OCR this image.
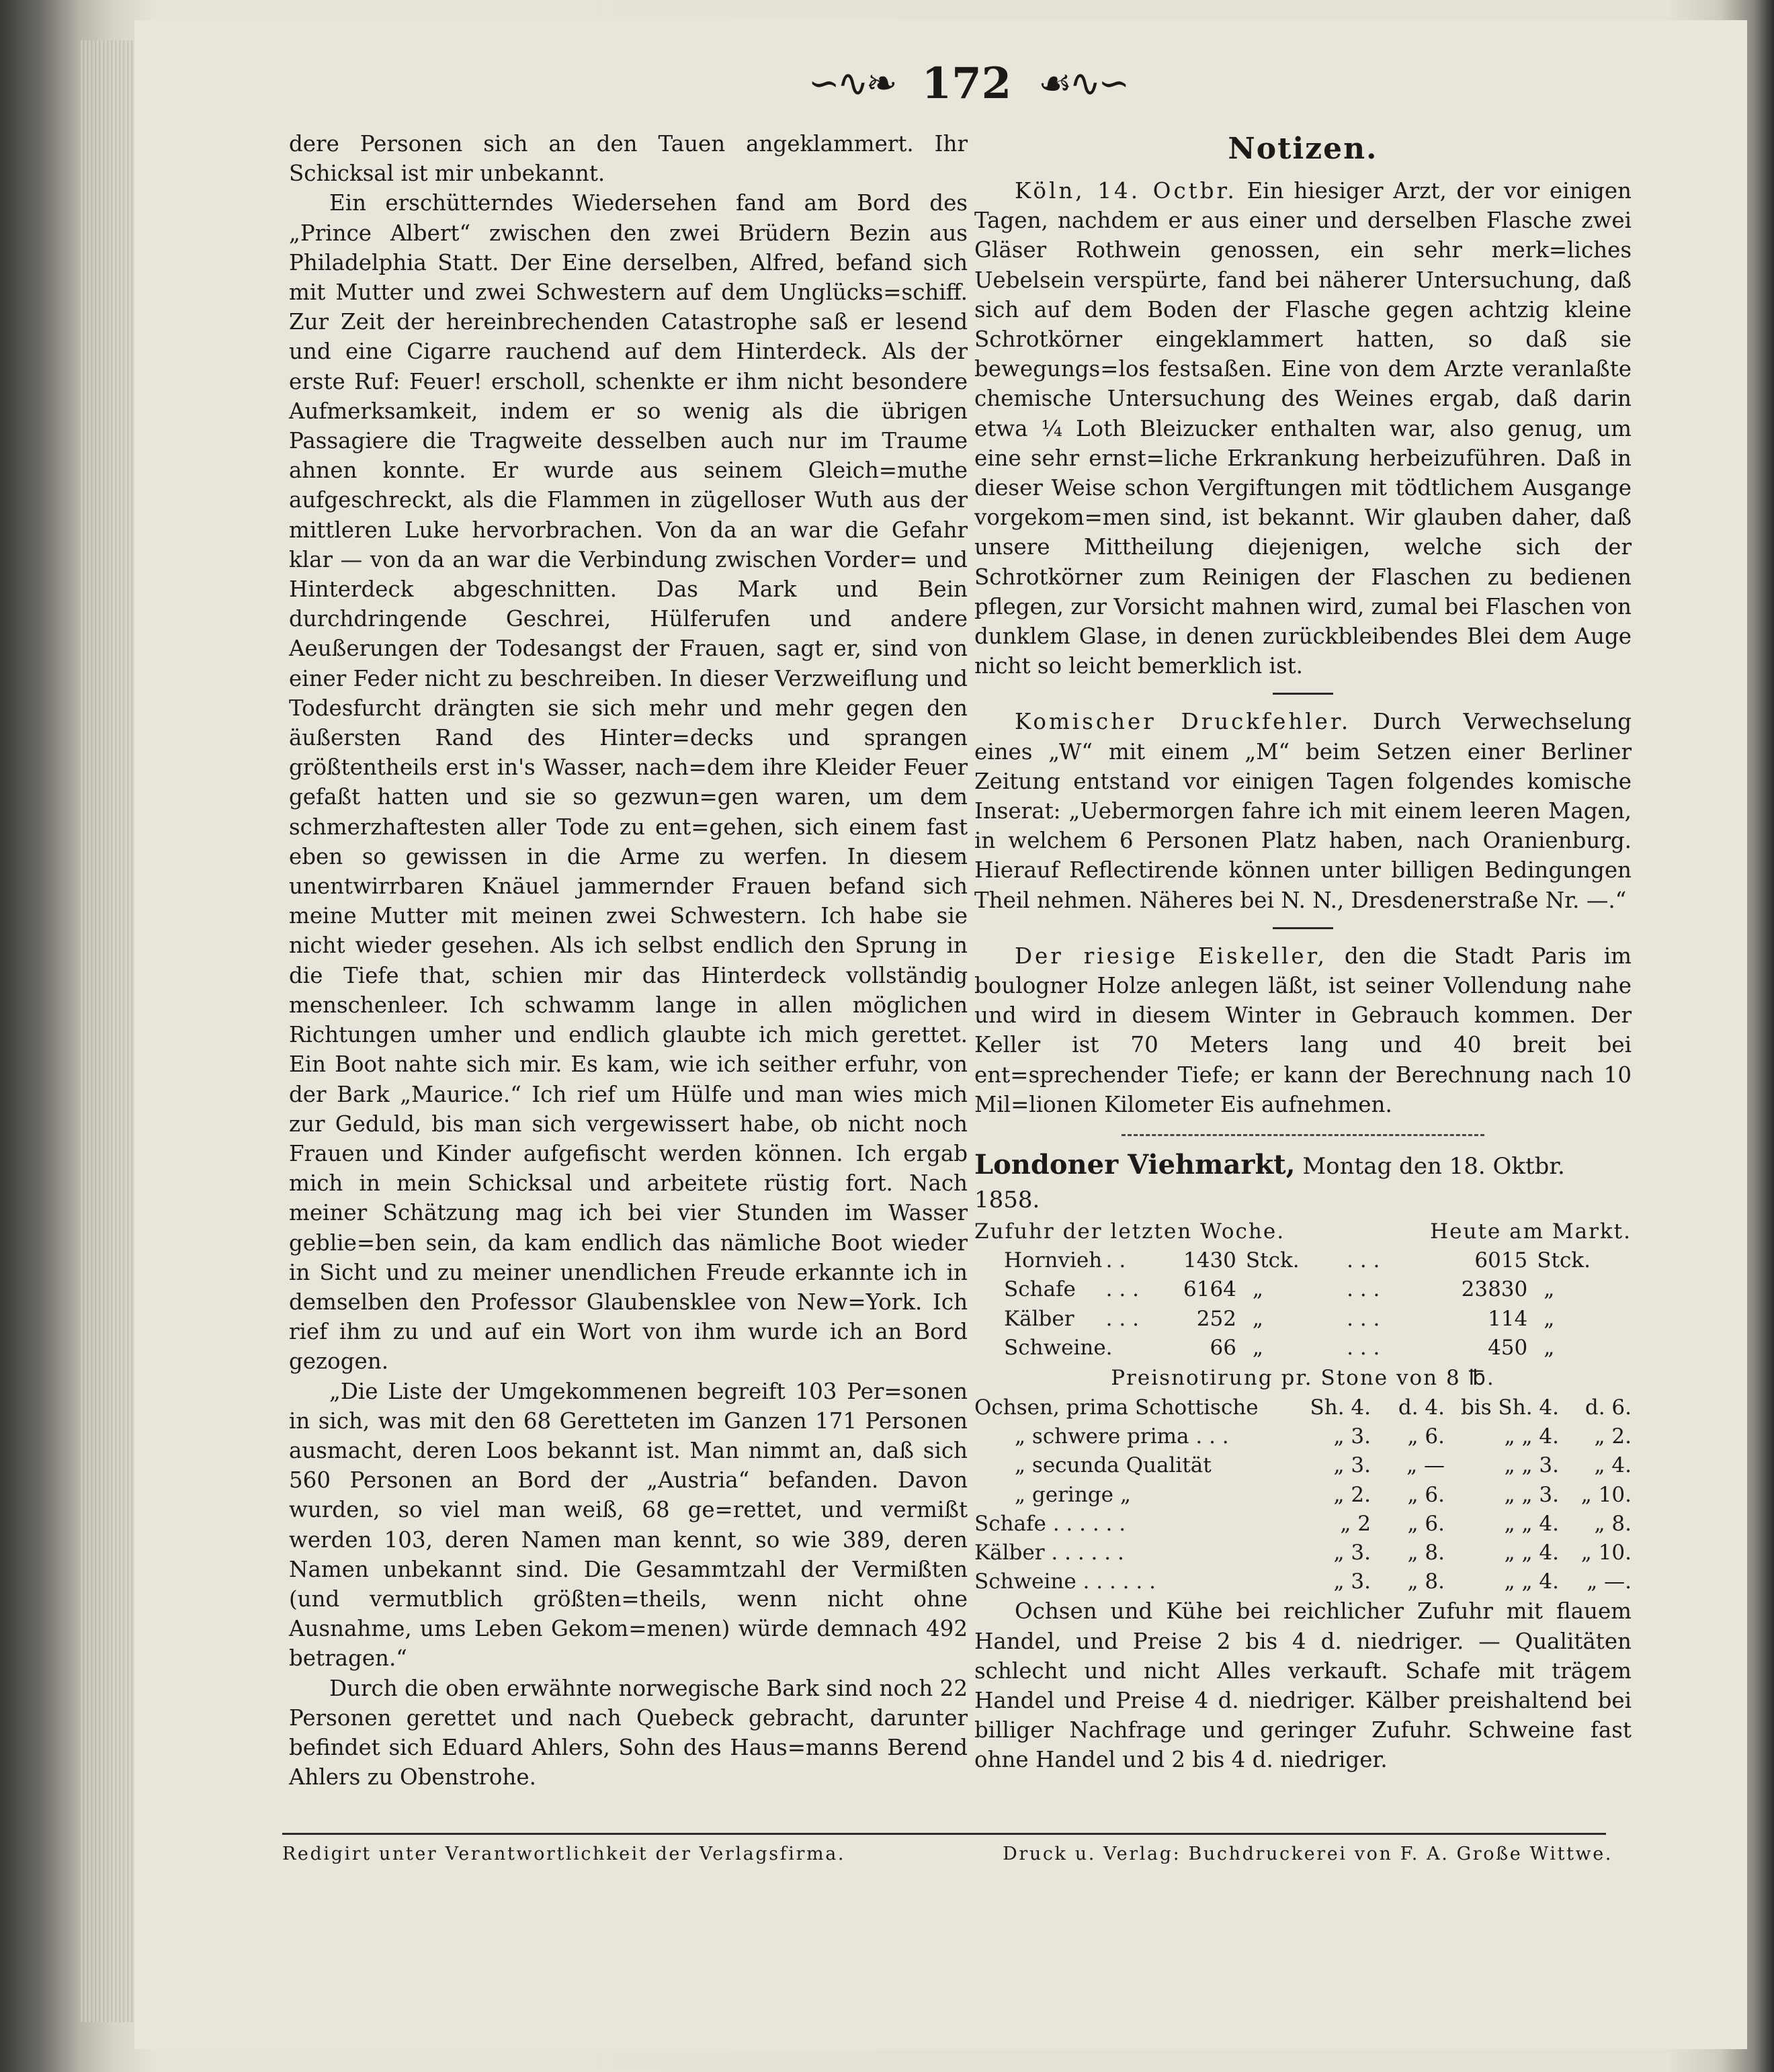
∽∿❧ 172 ☙∿∽

dere Personen sich an den Tauen angeklammert. Ihr Schicksal ist mir unbekannt.

Ein erschütterndes Wiedersehen fand am Bord des „Prince Albert“ zwischen den zwei Brüdern Bezin aus Philadelphia Statt. Der Eine derselben, Alfred, befand sich mit Mutter und zwei Schwestern auf dem Unglücks=schiff. Zur Zeit der hereinbrechenden Catastrophe saß er lesend und eine Cigarre rauchend auf dem Hinterdeck. Als der erste Ruf: Feuer! erscholl, schenkte er ihm nicht besondere Aufmerksamkeit, indem er so wenig als die übrigen Passagiere die Tragweite desselben auch nur im Traume ahnen konnte. Er wurde aus seinem Gleich=muthe aufgeschreckt, als die Flammen in zügelloser Wuth aus der mittleren Luke hervorbrachen. Von da an war die Gefahr klar — von da an war die Verbindung zwischen Vorder= und Hinterdeck abgeschnitten. Das Mark und Bein durchdringende Geschrei, Hülferufen und andere Aeußerungen der Todesangst der Frauen, sagt er, sind von einer Feder nicht zu beschreiben. In dieser Verzweiflung und Todesfurcht drängten sie sich mehr und mehr gegen den äußersten Rand des Hinter=decks und sprangen größtentheils erst in's Wasser, nach=dem ihre Kleider Feuer gefaßt hatten und sie so gezwun=gen waren, um dem schmerzhaftesten aller Tode zu ent=gehen, sich einem fast eben so gewissen in die Arme zu werfen. In diesem unentwirrbaren Knäuel jammernder Frauen befand sich meine Mutter mit meinen zwei Schwestern. Ich habe sie nicht wieder gesehen. Als ich selbst endlich den Sprung in die Tiefe that, schien mir das Hinterdeck vollständig menschenleer. Ich schwamm lange in allen möglichen Richtungen umher und endlich glaubte ich mich gerettet. Ein Boot nahte sich mir. Es kam, wie ich seither erfuhr, von der Bark „Maurice.“ Ich rief um Hülfe und man wies mich zur Geduld, bis man sich vergewissert habe, ob nicht noch Frauen und Kinder aufgefischt werden können. Ich ergab mich in mein Schicksal und arbeitete rüstig fort. Nach meiner Schätzung mag ich bei vier Stunden im Wasser geblie=ben sein, da kam endlich das nämliche Boot wieder in Sicht und zu meiner unendlichen Freude erkannte ich in demselben den Professor Glaubensklee von New=York. Ich rief ihm zu und auf ein Wort von ihm wurde ich an Bord gezogen.

„Die Liste der Umgekommenen begreift 103 Per=sonen in sich, was mit den 68 Geretteten im Ganzen 171 Personen ausmacht, deren Loos bekannt ist. Man nimmt an, daß sich 560 Personen an Bord der „Austria“ befanden. Davon wurden, so viel man weiß, 68 ge=rettet, und vermißt werden 103, deren Namen man kennt, so wie 389, deren Namen unbekannt sind. Die Gesammtzahl der Vermißten (und vermutblich größten=theils, wenn nicht ohne Ausnahme, ums Leben Gekom=menen) würde demnach 492 betragen.“

Durch die oben erwähnte norwegische Bark sind noch 22 Personen gerettet und nach Quebeck gebracht, darunter befindet sich Eduard Ahlers, Sohn des Haus=manns Berend Ahlers zu Obenstrohe.

Notizen.

Köln, 14. Octbr. Ein hiesiger Arzt, der vor einigen Tagen, nachdem er aus einer und derselben Flasche zwei Gläser Rothwein genossen, ein sehr merk=liches Uebelsein verspürte, fand bei näherer Untersuchung, daß sich auf dem Boden der Flasche gegen achtzig kleine Schrotkörner eingeklammert hatten, so daß sie bewegungs=los festsaßen. Eine von dem Arzte veranlaßte chemische Untersuchung des Weines ergab, daß darin etwa ¼ Loth Bleizucker enthalten war, also genug, um eine sehr ernst=liche Erkrankung herbeizuführen. Daß in dieser Weise schon Vergiftungen mit tödtlichem Ausgange vorgekom=men sind, ist bekannt. Wir glauben daher, daß unsere Mittheilung diejenigen, welche sich der Schrotkörner zum Reinigen der Flaschen zu bedienen pflegen, zur Vorsicht mahnen wird, zumal bei Flaschen von dunklem Glase, in denen zurückbleibendes Blei dem Auge nicht so leicht bemerklich ist.

Komischer Druckfehler. Durch Verwechselung eines „W“ mit einem „M“ beim Setzen einer Berliner Zeitung entstand vor einigen Tagen folgendes komische Inserat: „Uebermorgen fahre ich mit einem leeren Magen, in welchem 6 Personen Platz haben, nach Oranienburg. Hierauf Reflectirende können unter billigen Bedingungen Theil nehmen. Näheres bei N. N., Dresdenerstraße Nr. —.“

Der riesige Eiskeller, den die Stadt Paris im boulogner Holze anlegen läßt, ist seiner Vollendung nahe und wird in diesem Winter in Gebrauch kommen. Der Keller ist 70 Meters lang und 40 breit bei ent=sprechender Tiefe; er kann der Berechnung nach 10 Mil=lionen Kilometer Eis aufnehmen.

Londoner Viehmarkt, Montag den 18. Oktbr. 1858.
Zufuhr der letzten Woche.	Heute am Markt.
Hornvieh	. .	1430	Stck.	. . .	6015	Stck.
Schafe	. . .	6164	„	. . .	23830	„
Kälber	. . .	252	„	. . .	114	„
Schweine	.	66	„	. . .	450	„
Preisnotirung pr. Stone von 8 ℔.
Ochsen, prima Schottische	Sh. 4.	d. 4.	bis Sh. 4.	d. 6.
„ schwere prima . . .	„ 3.	„ 6.	„ „ 4.	„ 2.
„ secunda Qualität	„ 3.	„ —	„ „ 3.	„ 4.
„ geringe „	„ 2.	„ 6.	„ „ 3.	„ 10.
Schafe . . . . . .	„ 2	„ 6.	„ „ 4.	„ 8.
Kälber . . . . . .	„ 3.	„ 8.	„ „ 4.	„ 10.
Schweine . . . . . .	„ 3.	„ 8.	„ „ 4.	„ —.

Ochsen und Kühe bei reichlicher Zufuhr mit flauem Handel, und Preise 2 bis 4 d. niedriger. — Qualitäten schlecht und nicht Alles verkauft. Schafe mit trägem Handel und Preise 4 d. niedriger. Kälber preishaltend bei billiger Nachfrage und geringer Zufuhr. Schweine fast ohne Handel und 2 bis 4 d. niedriger.

Redigirt unter Verantwortlichkeit der Verlagsfirma.	Druck u. Verlag: Buchdruckerei von F. A. Große Wittwe.
